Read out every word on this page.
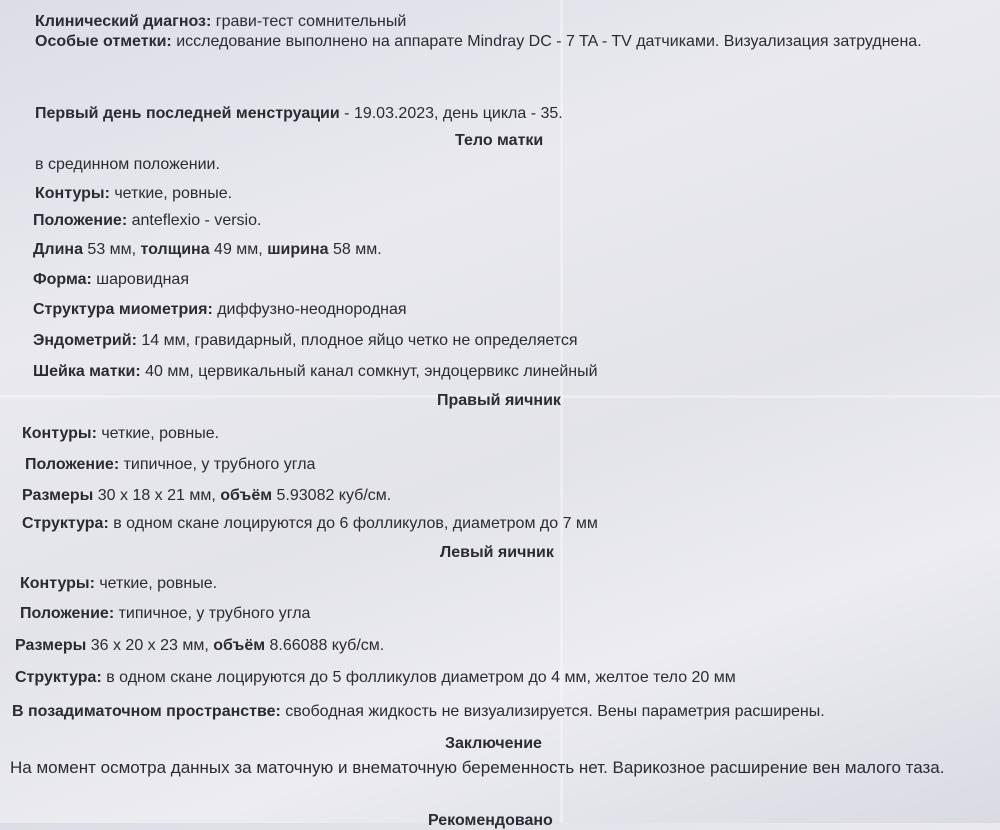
Клинический диагноз: грави-тест сомнительный
Особые отметки: исследование выполнено на аппарате Mindray DC - 7 TA - TV датчиками. Визуализация затруднена.
Первый день последней менструации - 19.03.2023, день цикла - 35.
Тело матки
в срединном положении.
Контуры: четкие, ровные.
Положение: anteflexio - versio.
Длина 53 мм, толщина 49 мм, ширина 58 мм.
Форма: шаровидная
Структура миометрия: диффузно-неоднородная
Эндометрий: 14 мм, гравидарный, плодное яйцо четко не определяется
Шейка матки: 40 мм, цервикальный канал сомкнут, эндоцервикс линейный
Правый яичник
Контуры: четкие, ровные.
Положение: типичное, у трубного угла
Размеры 30 x 18 x 21 мм, объём 5.93082 куб/см.
Структура: в одном скане лоцируются до 6 фолликулов, диаметром до 7 мм
Левый яичник
Контуры: четкие, ровные.
Положение: типичное, у трубного угла
Размеры 36 x 20 x 23 мм, объём 8.66088 куб/см.
Структура: в одном скане лоцируются до 5 фолликулов диаметром до 4 мм, желтое тело 20 мм
В позадиматочном пространстве: свободная жидкость не визуализируется. Вены параметрия расширены.
Заключение
На момент осмотра данных за маточную и внематочную беременность нет. Варикозное расширение вен малого таза.
Рекомендовано
